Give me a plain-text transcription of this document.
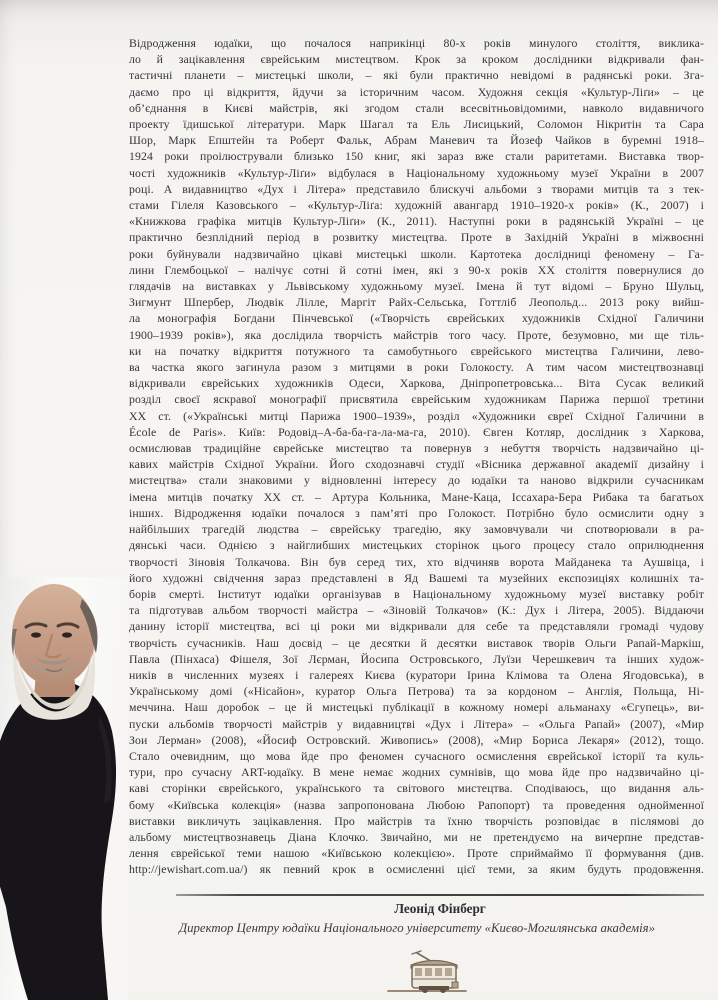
Відродження юдаїки, що почалося наприкінці 80-х років минулого століття, виклика-
ло й зацікавлення єврейським мистецтвом. Крок за кроком дослідники відкривали фан-
тастичні планети – мистецькі школи, – які були практично невідомі в радянські роки. Зга-
даємо про ці відкриття, йдучи за історичним часом. Художня секція «Культур-Ліґи» – це
об’єднання в Києві майстрів, які згодом стали всесвітньовідомими, навколо видавничого
проекту їдишської літератури. Марк Шагал та Ель Лисицький, Соломон Нікритін та Сара
Шор, Марк Епштейн та Роберт Фальк, Абрам Маневич та Йозеф Чайков в буремні 1918–
1924 роки проілюстрували близько 150 книг, які зараз вже стали раритетами. Виставка твор-
чості художників «Культур-Ліґи» відбулася в Національному художньому музеї України в 2007
році. А видавництво «Дух і Літера» представило блискучі альбоми з творами митців та з тек-
стами Гілеля Казовського – «Культур-Ліґа: художній авангард 1910–1920-х років» (К., 2007) і
«Книжкова графіка митців Культур-Ліґи» (К., 2011). Наступні роки в радянській Україні – це
практично безплідний період в розвитку мистецтва. Проте в Західній Україні в міжвоєнні
роки буйнували надзвичайно цікаві мистецькі школи. Картотека дослідниці феномену – Га-
лини Глембоцької – налічує сотні й сотні імен, які з 90-х років XX століття повернулися до
глядачів на виставках у Львівському художньому музеї. Імена й тут відомі – Бруно Шульц,
Зигмунт Шпербер, Людвік Лілле, Маргіт Райх-Сельська, Готтліб Леопольд... 2013 року вийш-
ла монографія Богдани Пінчевської («Творчість єврейських художників Східної Галичини
1900–1939 років»), яка дослідила творчість майстрів того часу. Проте, безумовно, ми ще тіль-
ки на початку відкриття потужного та самобутнього єврейського мистецтва Галичини, лево-
ва частка якого загинула разом з митцями в роки Голокосту. А тим часом мистецтвознавці
відкривали єврейських художників Одеси, Харкова, Дніпропетровська... Віта Сусак великий
розділ своєї яскравої монографії присвятила єврейським художникам Парижа першої третини
XX ст. («Українські митці Парижа 1900–1939», розділ «Художники євреї Східної Галичини в
École de Paris». Київ: Родовід–А-ба-ба-га-ла-ма-га, 2010). Євген Котляр, дослідник з Харкова,
осмислював традиційне єврейське мистецтво та повернув з небуття творчість надзвичайно ці-
кавих майстрів Східної України. Його сходознавчі студії «Вісника державної академії дизайну і
мистецтва» стали знаковими у відновленні інтересу до юдаїки та наново відкрили сучасникам
імена митців початку XX ст. – Артура Кольника, Мане-Каца, Іссахара-Бера Рибака та багатьох
інших. Відродження юдаїки почалося з пам’яті про Голокост. Потрібно було осмислити одну з
найбільших трагедій людства – єврейську трагедію, яку замовчували чи спотворювали в ра-
дянські часи. Однією з найглибших мистецьких сторінок цього процесу стало оприлюднення
творчості Зіновія Толкачова. Він був серед тих, хто відчиняв ворота Майданека та Аушвіца, і
його художні свідчення зараз представлені в Яд Вашемі та музейних експозиціях колишніх та-
борів смерті. Інститут юдаїки організував в Національному художньому музеї виставку робіт
та підготував альбом творчості майстра – «Зіновій Толкачов» (К.: Дух і Літера, 2005). Віддаючи
данину історії мистецтва, всі ці роки ми відкривали для себе та представляли громаді чудову
творчість сучасників. Наш досвід – це десятки й десятки виставок творів Ольги Рапай-Маркіш,
Павла (Пінхаса) Фішеля, Зої Лєрман, Йосипа Островського, Луїзи Черешкевич та інших худож-
ників в численних музеях і галереях Києва (куратори Ірина Клімова та Олена Ягодовська), в
Українському домі («Нісайон», куратор Ольга Петрова) та за кордоном – Англія, Польща, Ні-
меччина. Наш доробок – це й мистецькі публікації в кожному номері альманаху «Єгупець», ви-
пуски альбомів творчості майстрів у видавництві «Дух і Літера» – «Ольга Рапай» (2007), «Мир
Зои Лерман» (2008), «Йосиф Островский. Живопись» (2008), «Мир Бориса Лекаря» (2012), тощо.
Стало очевидним, що мова йде про феномен сучасного осмислення єврейської історії та куль-
тури, про сучасну ART-юдаїку. В мене немає жодних сумнівів, що мова йде про надзвичайно ці-
каві сторінки єврейського, українського та світового мистецтва. Сподіваюсь, що видання аль-
бому «Київська колекція» (назва запропонована Любою Рапопорт) та проведення однойменної
виставки викличуть зацікавлення. Про майстрів та їхню творчість розповідає в післямові до
альбому мистецтвознавець Діана Клочко. Звичайно, ми не претендуємо на вичерпне представ-
лення єврейської теми нашою «Київською колекцією». Проте сприймаймо її формування (див.
http://jewishart.com.ua/) як певний крок в осмисленні цієї теми, за яким будуть продовження.
Леонід Фінберг
Директор Центру юдаїки Національного університету «Києво-Могилянська академія»
